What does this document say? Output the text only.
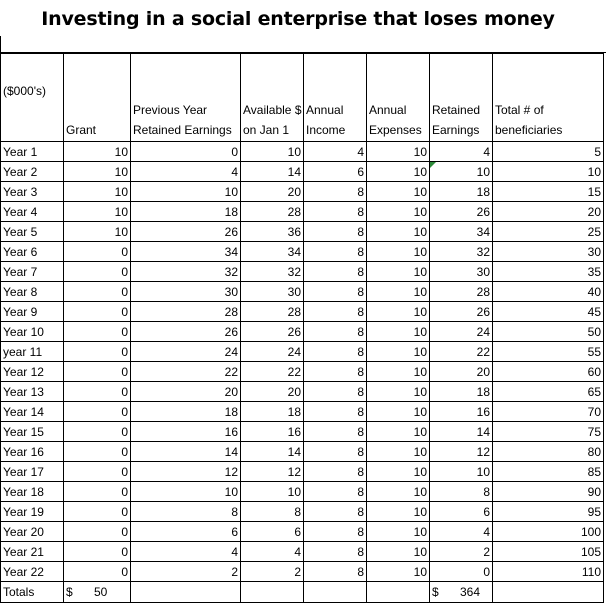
Investing in a social enterprise that loses money
($000's)	Grant	Previous Year Retained Earnings	Available $ on Jan 1	Annual Income	Annual Expenses	Retained Earnings	Total # of beneficiaries
Year 1	10	0	10	4	10	4	5
Year 2	10	4	14	6	10	10	10
Year 3	10	10	20	8	10	18	15
Year 4	10	18	28	8	10	26	20
Year 5	10	26	36	8	10	34	25
Year 6	0	34	34	8	10	32	30
Year 7	0	32	32	8	10	30	35
Year 8	0	30	30	8	10	28	40
Year 9	0	28	28	8	10	26	45
Year 10	0	26	26	8	10	24	50
year 11	0	24	24	8	10	22	55
Year 12	0	22	22	8	10	20	60
Year 13	0	20	20	8	10	18	65
Year 14	0	18	18	8	10	16	70
Year 15	0	16	16	8	10	14	75
Year 16	0	14	14	8	10	12	80
Year 17	0	12	12	8	10	10	85
Year 18	0	10	10	8	10	8	90
Year 19	0	8	8	8	10	6	95
Year 20	0	6	6	8	10	4	100
Year 21	0	4	4	8	10	2	105
Year 22	0	2	2	8	10	0	110
Totals	$ 50					$ 364	
